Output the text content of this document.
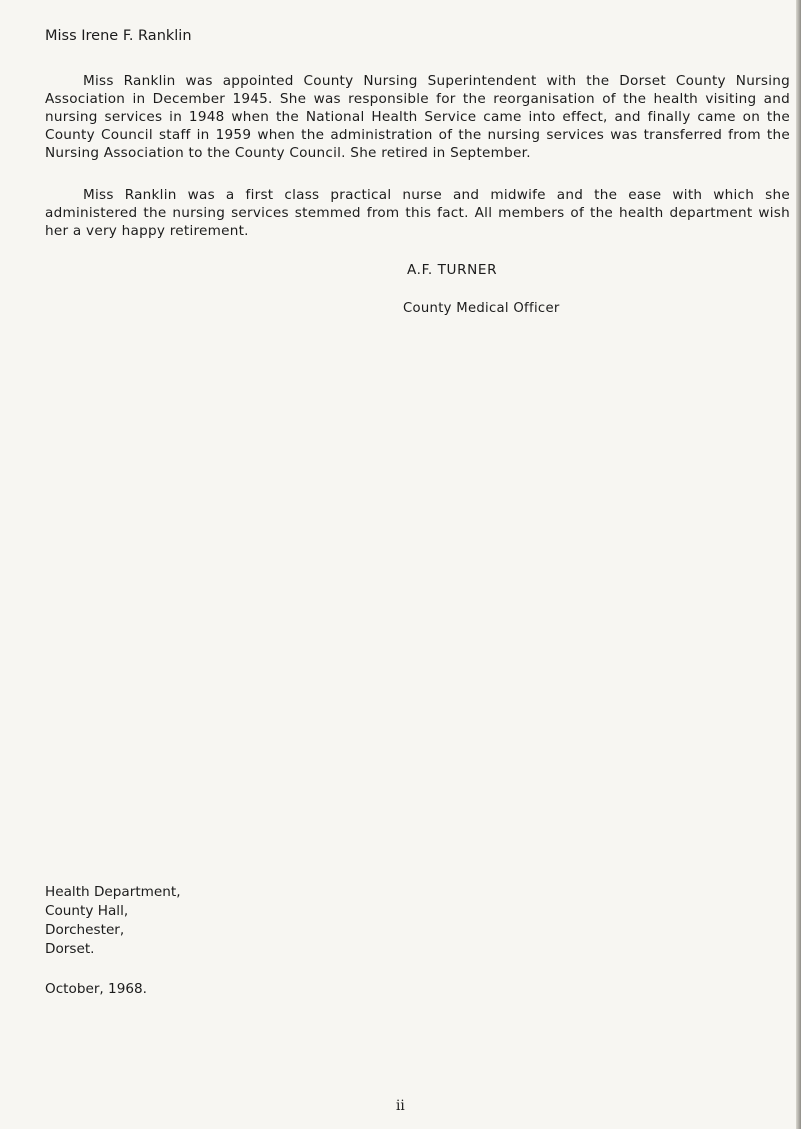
Miss Irene F. Ranklin

Miss Ranklin was appointed County Nursing Superintendent with the Dorset County Nursing Association in December 1945. She was responsible for the reorganisation of the health visiting and nursing services in 1948 when the National Health Service came into effect, and finally came on the County Council staff in 1959 when the administration of the nursing services was transferred from the Nursing Association to the County Council. She retired in September.

Miss Ranklin was a first class practical nurse and midwife and the ease with which she administered the nursing services stemmed from this fact. All members of the health department wish her a very happy retirement.

A.F. TURNER

County Medical Officer

Health Department,
County Hall,
Dorchester,
Dorset.

October, 1968.

ii
